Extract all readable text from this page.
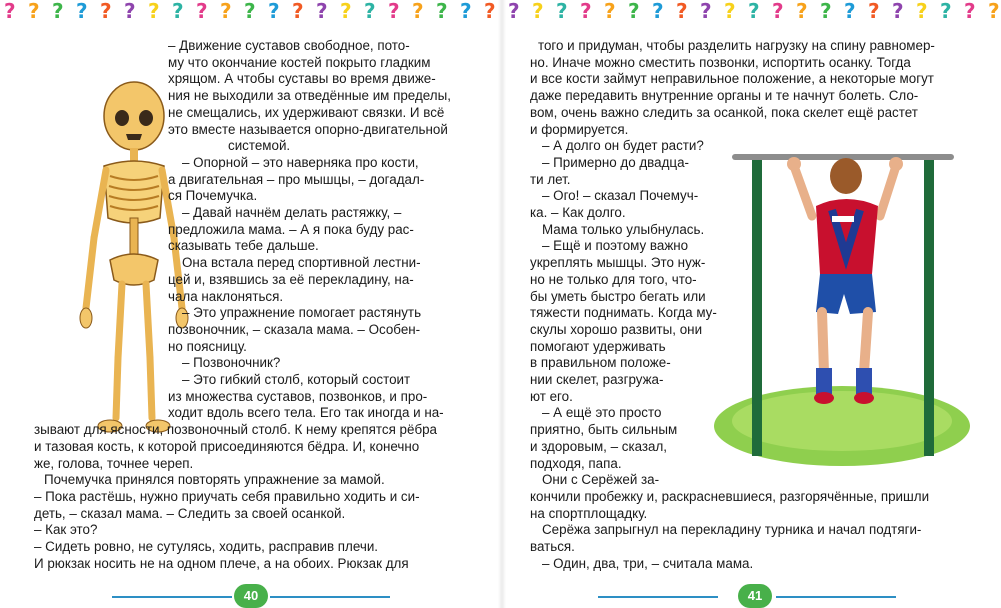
? ? ? ? ? ? ? ? ? ? ? ? ? ? ? ? ? ? ? ? ? ? ? ? ? ? ? ? ? ? ? ? ? ? ? ? ? ? ? ? ? ?
– Движение суставов свободное, пото-
му что окончание костей покрыто гладким
хрящом. А чтобы суставы во время движе-
ния не выходили за отведённые им пределы,
не смещались, их удерживают связки. И всё
это вместе называется опорно-двигательной
системой.
– Опорной – это наверняка про кости,
а двигательная – про мышцы, – догадал-
ся Почемучка.
– Давай начнём делать растяжку, –
предложила мама. – А я пока буду рас-
сказывать тебе дальше.
Она встала перед спортивной лестни-
цей и, взявшись за её перекладину, на-
чала наклоняться.
– Это упражнение помогает растянуть
позвоночник, – сказала мама. – Особен-
но поясницу.
– Позвоночник?
– Это гибкий столб, который состоит
из множества суставов, позвонков, и про-
ходит вдоль всего тела. Его так иногда и на-
зывают для ясности, позвоночный столб. К нему крепятся рёбра
и тазовая кость, к которой присоединяются бёдра. И, конечно
же, голова, точнее череп.
Почемучка принялся повторять упражнение за мамой.
– Пока растёшь, нужно приучать себя правильно ходить и си-
деть, – сказал мама. – Следить за своей осанкой.
– Как это?
– Сидеть ровно, не сутулясь, ходить, расправив плечи.
И рюкзак носить не на одном плече, а на обоих. Рюкзак для
того и придуман, чтобы разделить нагрузку на спину равномер-
но. Иначе можно сместить позвонки, испортить осанку. Тогда
и все кости займут неправильное положение, а некоторые могут
даже передавить внутренние органы и те начнут болеть. Сло-
вом, очень важно следить за осанкой, пока скелет ещё растет
и формируется.
– А долго он будет расти?
– Примерно до двадца-
ти лет.
– Ого! – сказал Почемуч-
ка. – Как долго.
Мама только улыбнулась.
– Ещё и поэтому важно
укреплять мышцы. Это нуж-
но не только для того, что-
бы уметь быстро бегать или
тяжести поднимать. Когда му-
скулы хорошо развиты, они
помогают удерживать
в правильном положе-
нии скелет, разгружа-
ют его.
– А ещё это просто
приятно, быть сильным
и здоровым, – сказал,
подходя, папа.
Они с Серёжей за-
кончили пробежку и, раскрасневшиеся, разгорячённые, пришли
на спортплощадку.
Серёжа запрыгнул на перекладину турника и начал подтяги-
ваться.
– Один, два, три, – считала мама.
40	41
